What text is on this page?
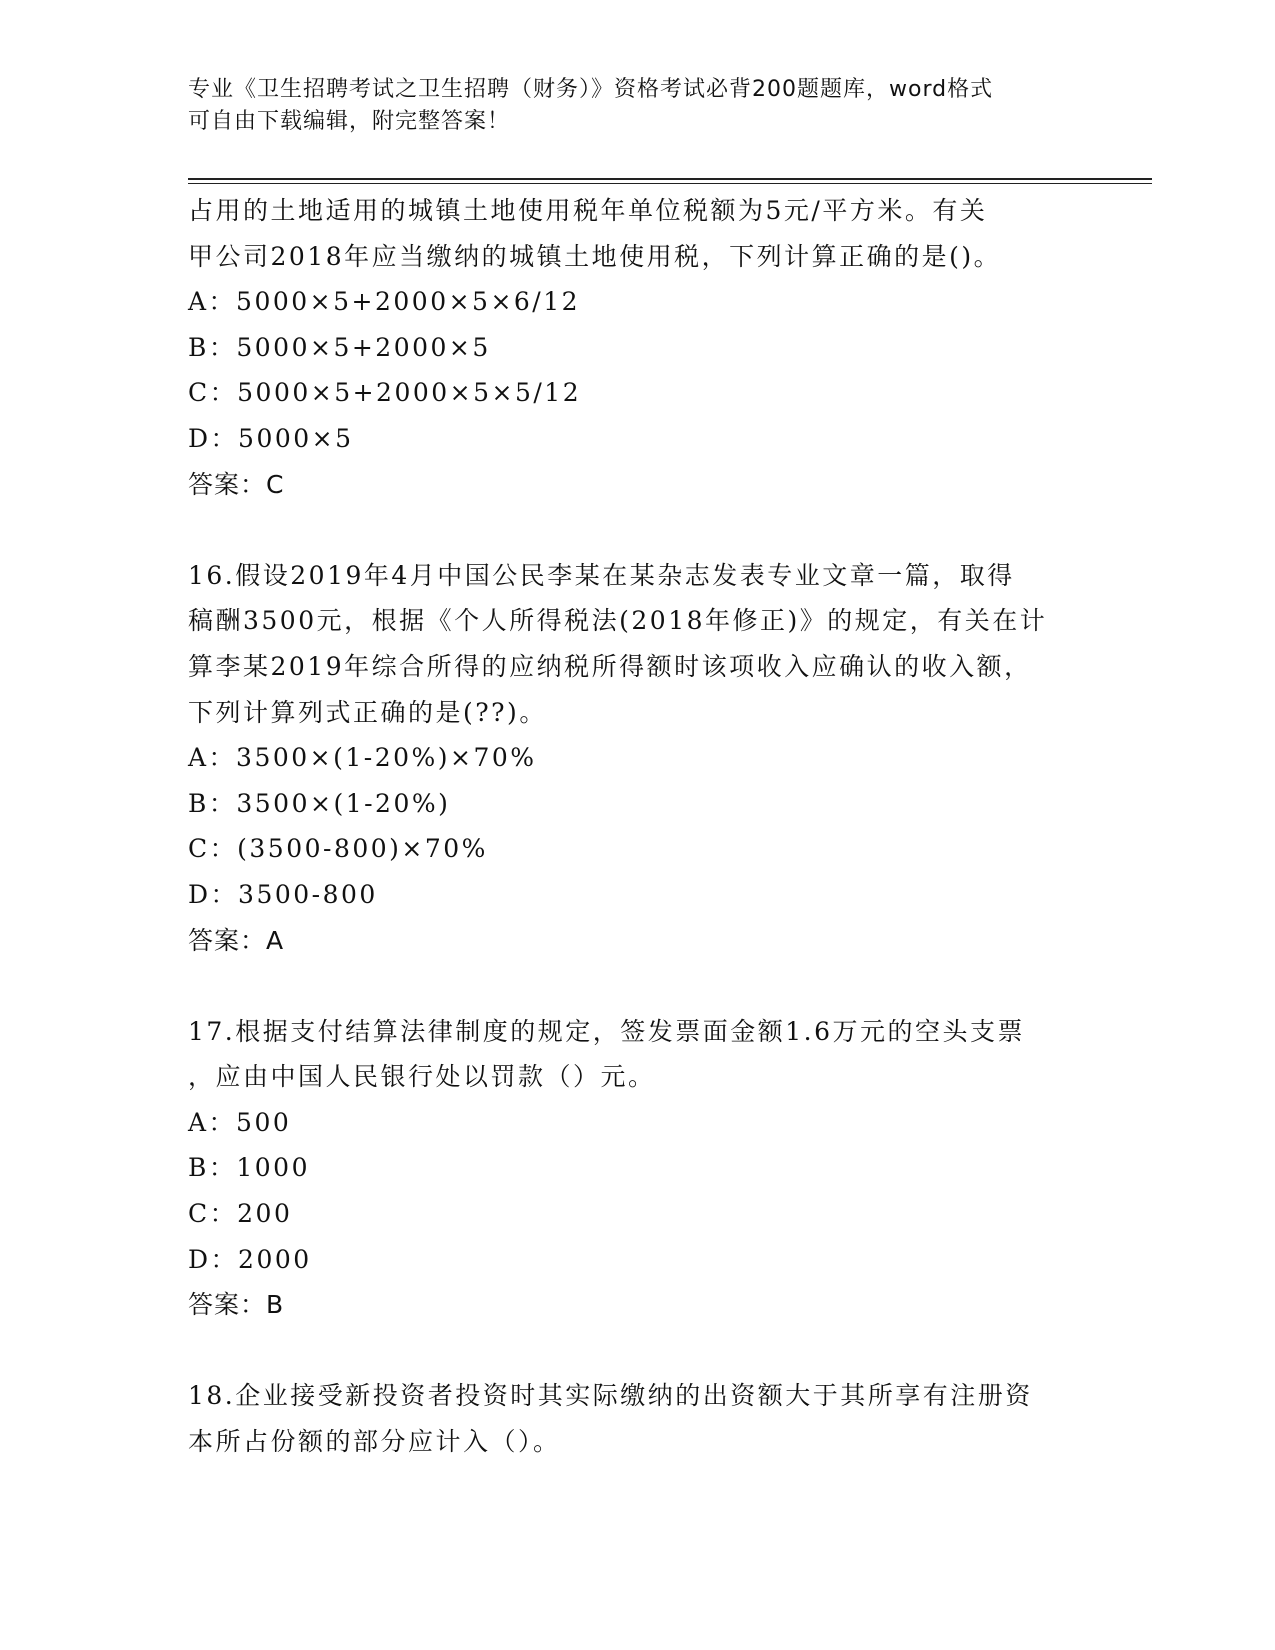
专业《卫生招聘考试之卫生招聘（财务）》资格考试必背200题题库，word格式
可自由下载编辑，附完整答案！
占用的土地适用的城镇土地使用税年单位税额为5元/平方米。有关
甲公司2018年应当缴纳的城镇土地使用税，下列计算正确的是()。
A：5000×5+2000×5×6/12
B：5000×5+2000×5
C：5000×5+2000×5×5/12
D：5000×5
答案：C
16.假设2019年4月中国公民李某在某杂志发表专业文章一篇，取得
稿酬3500元，根据《个人所得税法(2018年修正)》的规定，有关在计
算李某2019年综合所得的应纳税所得额时该项收入应确认的收入额，
下列计算列式正确的是(??)。
A：3500×(1-20%)×70%
B：3500×(1-20%)
C：(3500-800)×70%
D：3500-800
答案：A
17.根据支付结算法律制度的规定，签发票面金额1.6万元的空头支票
，应由中国人民银行处以罚款（）元。
A：500
B：1000
C：200
D：2000
答案：B
18.企业接受新投资者投资时其实际缴纳的出资额大于其所享有注册资
本所占份额的部分应计入（）。
